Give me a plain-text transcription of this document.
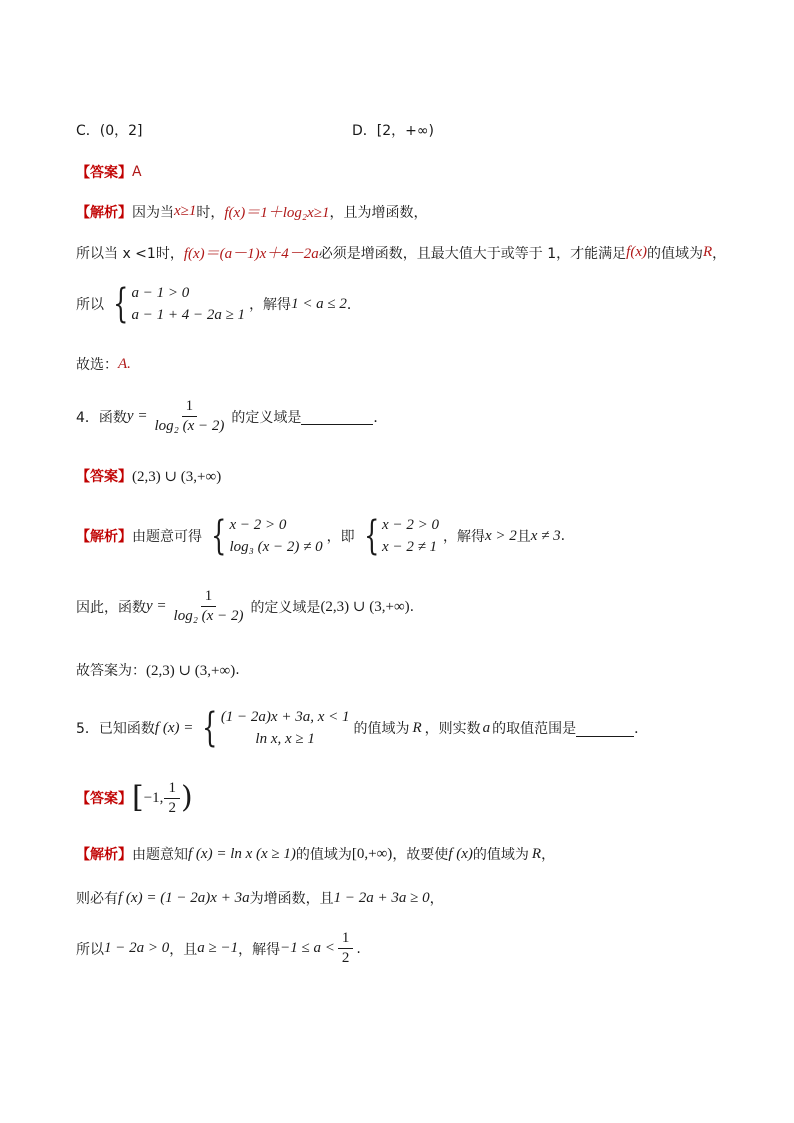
C．(0，2]	D．[2，+∞)
【答案】 A
【解析】 因为当 x≥1 时， f(x)＝1＋log₂x≥1 ，且为增函数，
所以当 x <1时， f(x)＝(a－1)x＋4－2a 必须是增函数，且最大值大于或等于 1，才能满足 f(x) 的值域为 R ，
所以 { a − 1 > 0
a − 1 + 4 − 2a ≥ 1
，解得 1 < a ≤ 2 ．
故选： A.
4．函数 $y = \frac{1}{\text{log₂ (x − 2)}}$ 的定义域是	．
【答案】 (2,3) ∪ (3,+∞)
【解析】 由题意可得 { x − 2 > 0
log₃ (x − 2) ≠ 0
，即 { x − 2 > 0
x − 2 ≠ 1
，解得 x > 2 且 x ≠ 3 .
因此，函数 $y = \frac{1}{\text{log₂ (x − 2)}}$ 的定义域是 (2,3) ∪ (3,+∞) .
故答案为： (2,3) ∪ (3,+∞) .
5．已知函数 f (x) = { (1 − 2a)x + 3a, x < 1
ln x, x ≥ 1
的值域为 R ，则实数 a 的取值范围是	．
【答案】 [ −1, $\frac{1}{2}$ )
【解析】 由题意知 f (x) = ln x (x ≥ 1) 的值域为 [0,+∞) ，故要使 f (x) 的值域为 R ，
则必有 f (x) = (1 − 2a)x + 3a 为增函数，且 1 − 2a + 3a ≥ 0 ，
所以 1 − 2a > 0 ，且 a ≥ −1 ，解得 $-1 \le a < \frac{1}{2}$ .
